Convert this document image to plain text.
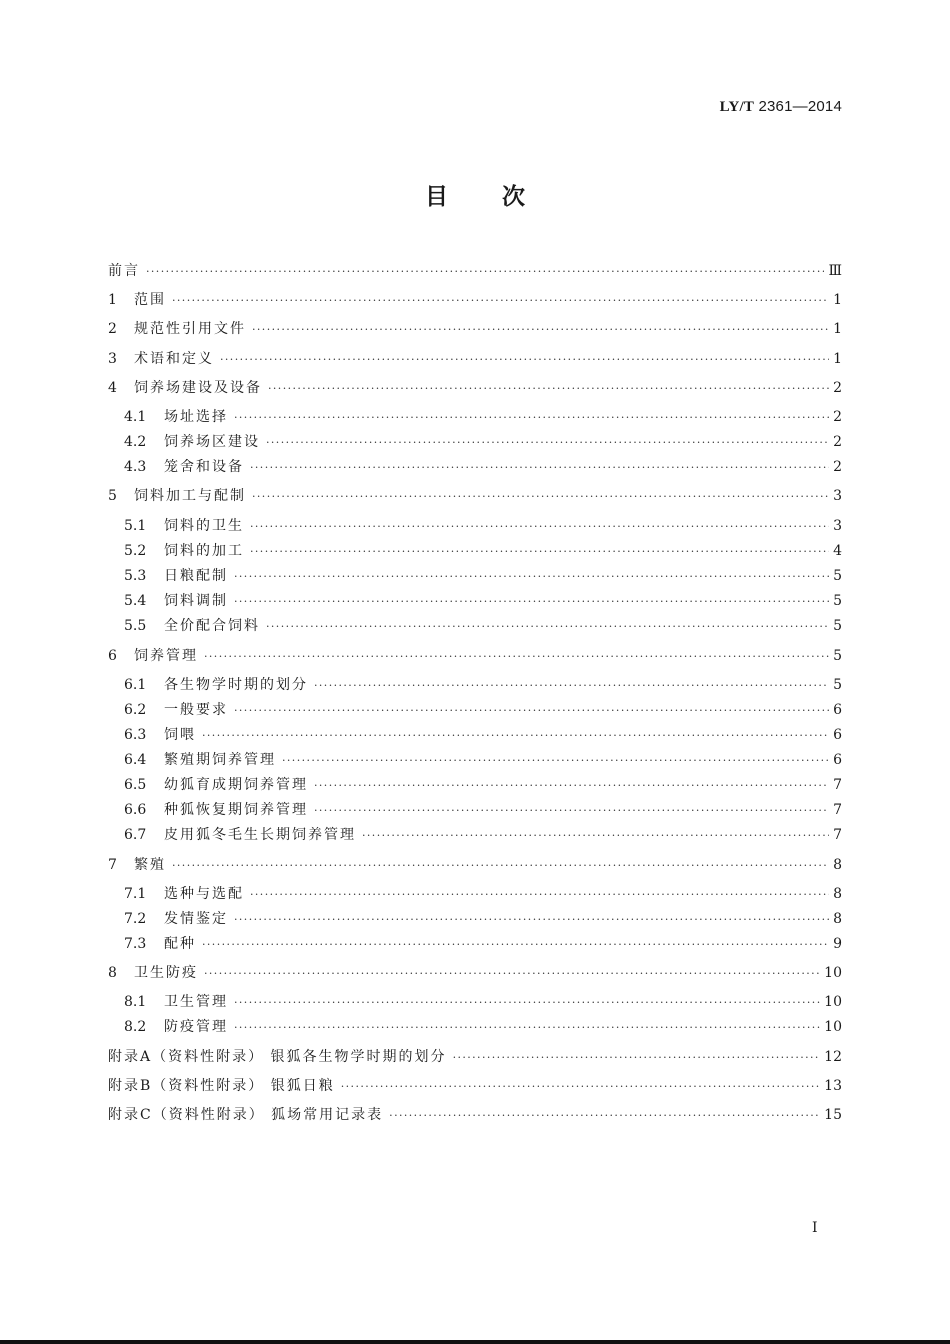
LY/T 2361—2014
目 次
前言 ·····	Ⅲ
1	范围 ·····	1
2	规范性引用文件 ·····	1
3	术语和定义 ·····	1
4	饲养场建设及设备 ·····	2
4.1	场址选择 ·····	2
4.2	饲养场区建设 ·····	2
4.3	笼舍和设备 ·····	2
5	饲料加工与配制 ·····	3
5.1	饲料的卫生 ·····	3
5.2	饲料的加工 ·····	4
5.3	日粮配制 ·····	5
5.4	饲料调制 ·····	5
5.5	全价配合饲料 ·····	5
6	饲养管理 ·····	5
6.1	各生物学时期的划分 ·····	5
6.2	一般要求 ·····	6
6.3	饲喂 ·····	6
6.4	繁殖期饲养管理 ·····	6
6.5	幼狐育成期饲养管理 ·····	7
6.6	种狐恢复期饲养管理 ·····	7
6.7	皮用狐冬毛生长期饲养管理 ·····	7
7	繁殖 ·····	8
7.1	选种与选配 ·····	8
7.2	发情鉴定 ·····	8
7.3	配种 ·····	9
8	卫生防疫 ·····	10
8.1	卫生管理 ·····	10
8.2	防疫管理 ·····	10
附录A（资料性附录） 银狐各生物学时期的划分 ·····	12
附录B（资料性附录） 银狐日粮 ·····	13
附录C（资料性附录） 狐场常用记录表 ·····	15
I
